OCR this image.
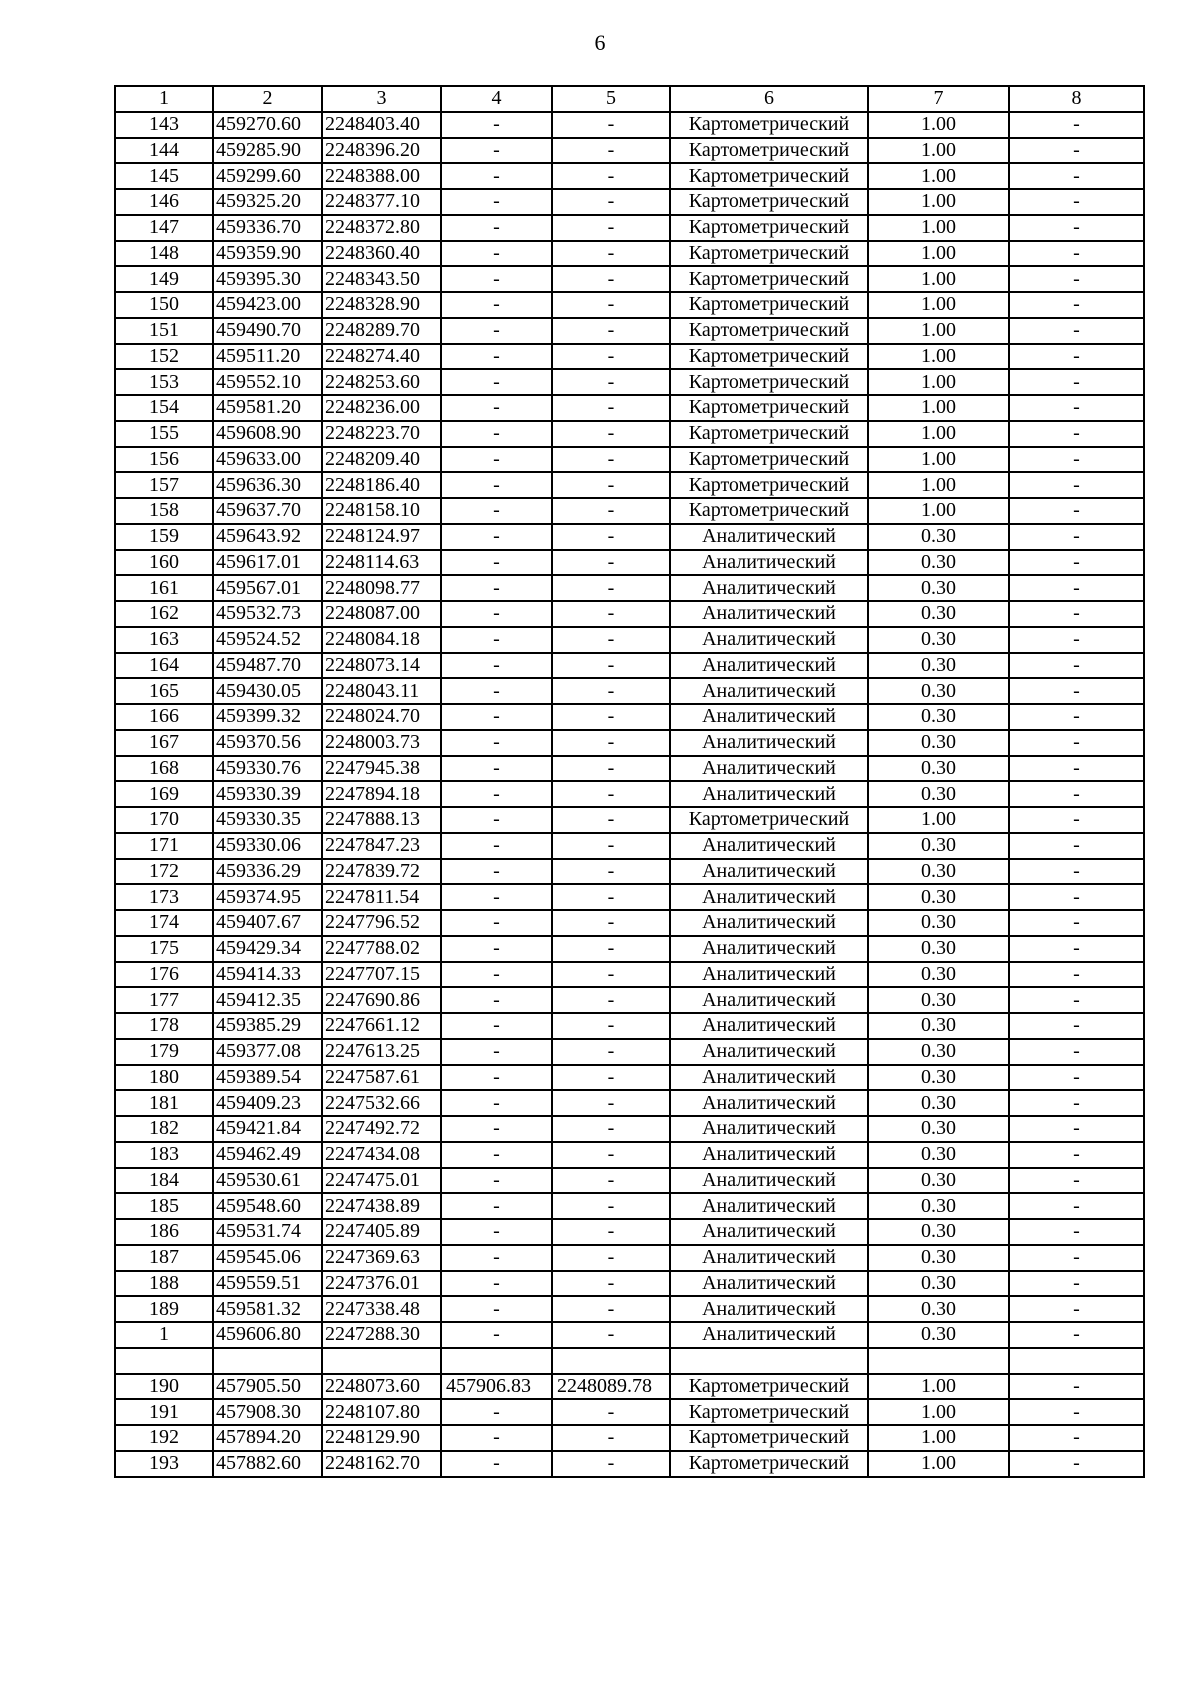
6
1	2	3	4	5	6	7	8
143	459270.60	2248403.40	-	-	Картометрический	1.00	-
144	459285.90	2248396.20	-	-	Картометрический	1.00	-
145	459299.60	2248388.00	-	-	Картометрический	1.00	-
146	459325.20	2248377.10	-	-	Картометрический	1.00	-
147	459336.70	2248372.80	-	-	Картометрический	1.00	-
148	459359.90	2248360.40	-	-	Картометрический	1.00	-
149	459395.30	2248343.50	-	-	Картометрический	1.00	-
150	459423.00	2248328.90	-	-	Картометрический	1.00	-
151	459490.70	2248289.70	-	-	Картометрический	1.00	-
152	459511.20	2248274.40	-	-	Картометрический	1.00	-
153	459552.10	2248253.60	-	-	Картометрический	1.00	-
154	459581.20	2248236.00	-	-	Картометрический	1.00	-
155	459608.90	2248223.70	-	-	Картометрический	1.00	-
156	459633.00	2248209.40	-	-	Картометрический	1.00	-
157	459636.30	2248186.40	-	-	Картометрический	1.00	-
158	459637.70	2248158.10	-	-	Картометрический	1.00	-
159	459643.92	2248124.97	-	-	Аналитический	0.30	-
160	459617.01	2248114.63	-	-	Аналитический	0.30	-
161	459567.01	2248098.77	-	-	Аналитический	0.30	-
162	459532.73	2248087.00	-	-	Аналитический	0.30	-
163	459524.52	2248084.18	-	-	Аналитический	0.30	-
164	459487.70	2248073.14	-	-	Аналитический	0.30	-
165	459430.05	2248043.11	-	-	Аналитический	0.30	-
166	459399.32	2248024.70	-	-	Аналитический	0.30	-
167	459370.56	2248003.73	-	-	Аналитический	0.30	-
168	459330.76	2247945.38	-	-	Аналитический	0.30	-
169	459330.39	2247894.18	-	-	Аналитический	0.30	-
170	459330.35	2247888.13	-	-	Картометрический	1.00	-
171	459330.06	2247847.23	-	-	Аналитический	0.30	-
172	459336.29	2247839.72	-	-	Аналитический	0.30	-
173	459374.95	2247811.54	-	-	Аналитический	0.30	-
174	459407.67	2247796.52	-	-	Аналитический	0.30	-
175	459429.34	2247788.02	-	-	Аналитический	0.30	-
176	459414.33	2247707.15	-	-	Аналитический	0.30	-
177	459412.35	2247690.86	-	-	Аналитический	0.30	-
178	459385.29	2247661.12	-	-	Аналитический	0.30	-
179	459377.08	2247613.25	-	-	Аналитический	0.30	-
180	459389.54	2247587.61	-	-	Аналитический	0.30	-
181	459409.23	2247532.66	-	-	Аналитический	0.30	-
182	459421.84	2247492.72	-	-	Аналитический	0.30	-
183	459462.49	2247434.08	-	-	Аналитический	0.30	-
184	459530.61	2247475.01	-	-	Аналитический	0.30	-
185	459548.60	2247438.89	-	-	Аналитический	0.30	-
186	459531.74	2247405.89	-	-	Аналитический	0.30	-
187	459545.06	2247369.63	-	-	Аналитический	0.30	-
188	459559.51	2247376.01	-	-	Аналитический	0.30	-
189	459581.32	2247338.48	-	-	Аналитический	0.30	-
1	459606.80	2247288.30	-	-	Аналитический	0.30	-

190	457905.50	2248073.60	457906.83	2248089.78	Картометрический	1.00	-
191	457908.30	2248107.80	-	-	Картометрический	1.00	-
192	457894.20	2248129.90	-	-	Картометрический	1.00	-
193	457882.60	2248162.70	-	-	Картометрический	1.00	-
